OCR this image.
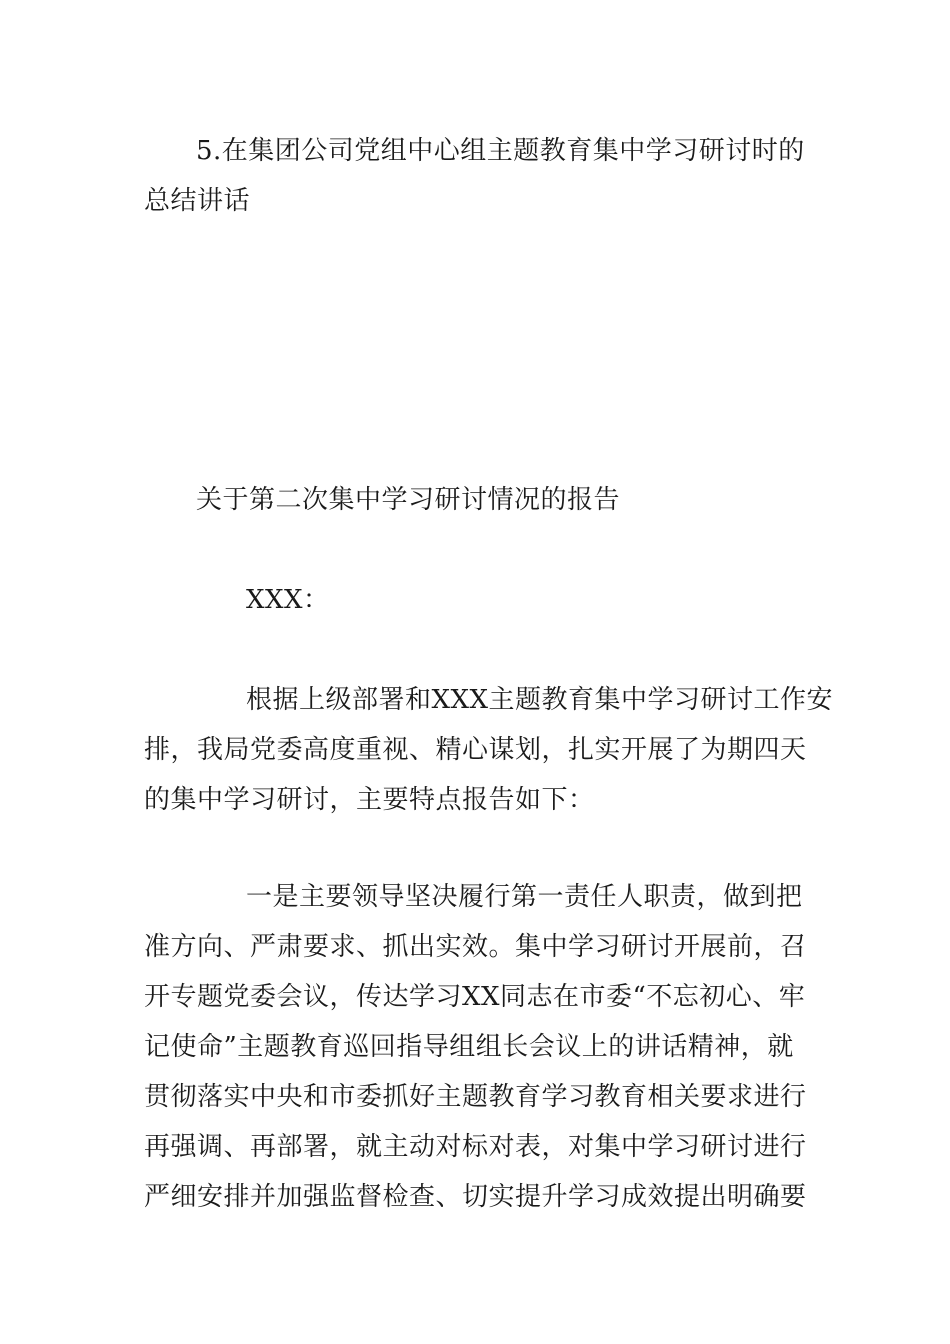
5.在集团公司党组中心组主题教育集中学习研讨时的
总结讲话
关于第二次集中学习研讨情况的报告
XXX：
根据上级部署和XXX主题教育集中学习研讨工作安
排，我局党委高度重视、精心谋划，扎实开展了为期四天
的集中学习研讨，主要特点报告如下：
一是主要领导坚决履行第一责任人职责，做到把
准方向、严肃要求、抓出实效。集中学习研讨开展前，召
开专题党委会议，传达学习XX同志在市委“不忘初心、牢
记使命”主题教育巡回指导组组长会议上的讲话精神，就
贯彻落实中央和市委抓好主题教育学习教育相关要求进行
再强调、再部署，就主动对标对表，对集中学习研讨进行
严细安排并加强监督检查、切实提升学习成效提出明确要
